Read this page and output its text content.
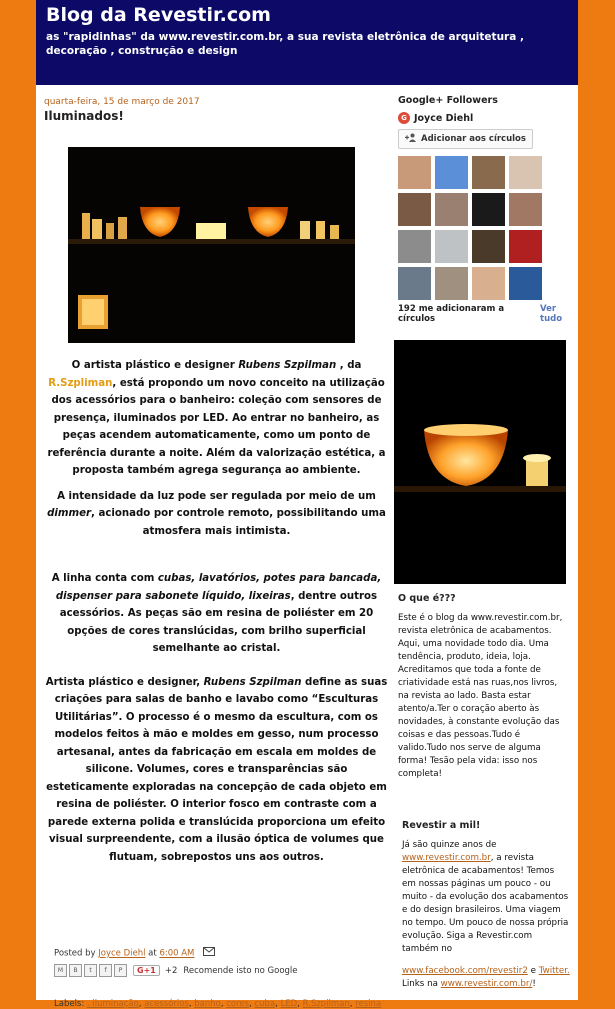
Blog da Revestir.com
as "rapidinhas" da www.revestir.com.br, a sua revista eletrônica de arquitetura , decoração , construção e design
quarta-feira, 15 de março de 2017
Iluminados!

O artista plástico e designer Rubens Szpilman , da R.Szpliman, está propondo um novo conceito na utilização dos acessórios para o banheiro: coleção com sensores de presença, iluminados por LED. Ao entrar no banheiro, as peças acendem automaticamente, como um ponto de referência durante a noite. Além da valorização estética, a proposta também agrega segurança ao ambiente.

A intensidade da luz pode ser regulada por meio de um dimmer, acionado por controle remoto, possibilitando uma atmosfera mais intimista.

A linha conta com cubas, lavatórios, potes para bancada, dispenser para sabonete líquido, lixeiras, dentre outros acessórios. As peças são em resina de poliéster em 20 opções de cores translúcidas, com brilho superficial semelhante ao cristal.

Artista plástico e designer, Rubens Szpilman define as suas criações para salas de banho e lavabo como “Esculturas Utilitárias”. O processo é o mesmo da escultura, com os modelos feitos à mão e moldes em gesso, num processo artesanal, antes da fabricação em escala em moldes de silicone. Volumes, cores e transparências são esteticamente exploradas na concepção de cada objeto em resina de poliéster. O interior fosco em contraste com a parede externa polida e translúcida proporciona um efeito visual surpreendente, com a ilusão óptica de volumes que flutuam, sobrepostos uns aos outros.

Posted by Joyce Diehl at 6:00 AM
M	B	t	f	P	G+1	+2 Recomende isto no Google
Labels: . iluminação, acessórios, banho, cores, cuba, LED, R.Szpilman, resina
Google+ Followers
G Joyce Diehl
Adicionar aos círculos
192 me adicionaram a círculos
Ver tudo
O que é???
Este é o blog da www.revestir.com.br, revista eletrônica de acabamentos. Aqui, uma novidade todo dia. Uma tendência, produto, ideia, loja. Acreditamos que toda a fonte de criatividade está nas ruas,nos livros, na revista ao lado. Basta estar atento/a.Ter o coração aberto às novidades, à constante evolução das coisas e das pessoas.Tudo é valido.Tudo nos serve de alguma forma! Tesão pela vida: isso nos completa!
Revestir a mil!
Já são quinze anos de www.revestir.com.br, a revista eletrônica de acabamentos! Temos em nossas páginas um pouco - ou muito - da evolução dos acabamentos e do design brasileiros. Uma viagem no tempo. Um pouco de nossa própria evolução. Siga a Revestir.com também no
www.facebook.com/revestir2 e Twitter. Links na www.revestir.com.br/!
